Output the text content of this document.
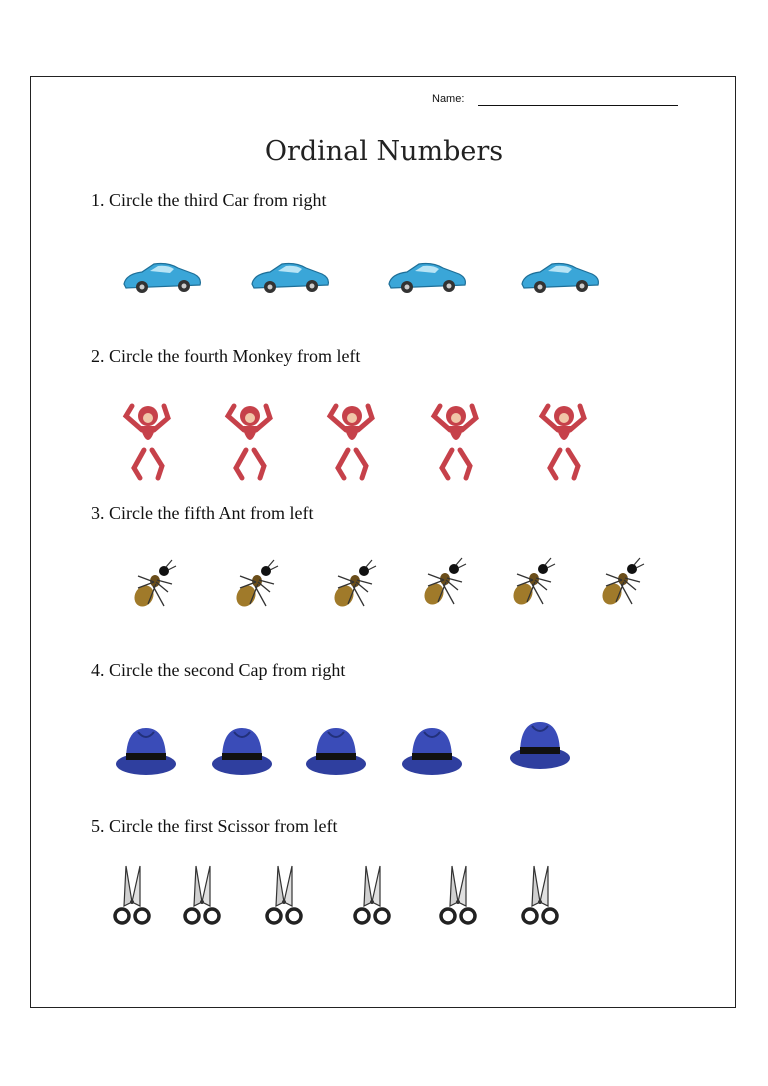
Name:
Ordinal Numbers
1. Circle the third Car from right
2. Circle the fourth Monkey from left
3. Circle the fifth Ant from left
4. Circle the second Cap from right
5. Circle the first Scissor from left
